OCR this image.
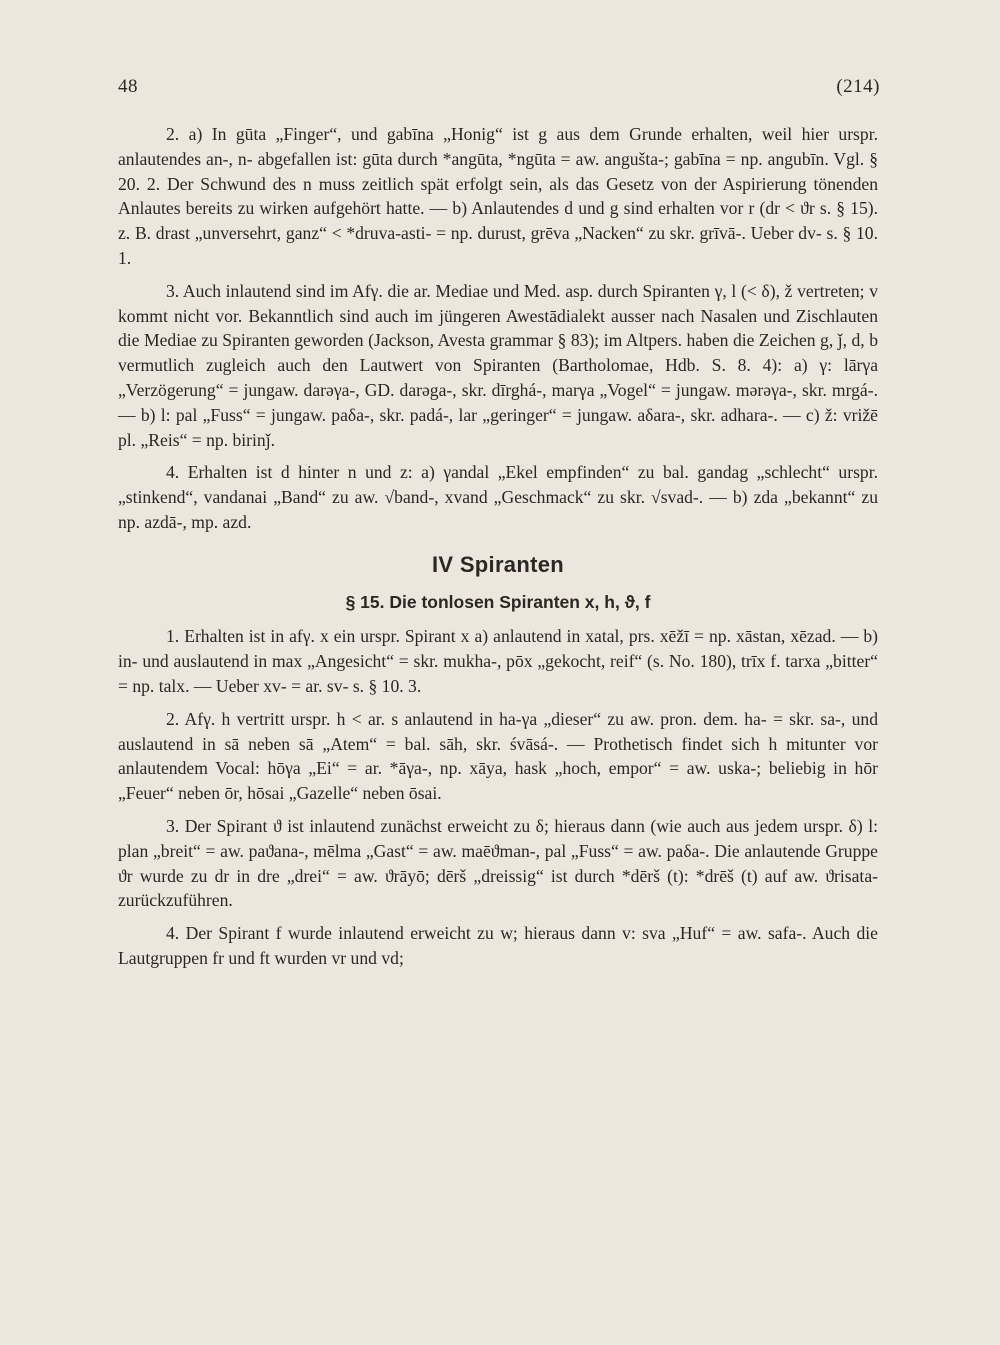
48	(214)

2. a) In gūta „Finger“, und gabīna „Honig“ ist g aus dem Grunde erhalten, weil hier urspr. anlautendes an-, n- abgefallen ist: gūta durch *angūta, *ngūta = aw. angušta-; gabīna = np. angubīn. Vgl. § 20. 2. Der Schwund des n muss zeitlich spät erfolgt sein, als das Gesetz von der Aspirierung tönenden Anlautes bereits zu wirken aufgehört hatte. — b) Anlautendes d und g sind erhalten vor r (dr < ϑr s. § 15). z. B. drast „unversehrt, ganz“ < *druva-asti- = np. durust, grēva „Nacken“ zu skr. grīvā-. Ueber dv- s. § 10. 1.

3. Auch inlautend sind im Afγ. die ar. Mediae und Med. asp. durch Spiranten γ, l (< δ), ž vertreten; v kommt nicht vor. Bekanntlich sind auch im jüngeren Awestādialekt ausser nach Nasalen und Zischlauten die Mediae zu Spiranten geworden (Jackson, Avesta grammar § 83); im Altpers. haben die Zeichen g, ǰ, d, b vermutlich zugleich auch den Lautwert von Spiranten (Bartholomae, Hdb. S. 8. 4): a) γ: lārγa „Verzögerung“ = jungaw. darəγa-, GD. darəga-, skr. dīrghá-, marγa „Vogel“ = jungaw. mərəγa-, skr. mrgá-. — b) l: pal „Fuss“ = jungaw. paδa-, skr. padá-, lar „geringer“ = jungaw. aδara-, skr. adhara-. — c) ž: vrižē pl. „Reis“ = np. birinǰ.

4. Erhalten ist d hinter n und z: a) γandal „Ekel empfinden“ zu bal. gandag „schlecht“ urspr. „stinkend“, vandanai „Band“ zu aw. √band-, xvand „Geschmack“ zu skr. √svad-. — b) zda „bekannt“ zu np. azdā-, mp. azd.

IV Spiranten
§ 15. Die tonlosen Spiranten x, h, ϑ, f

1. Erhalten ist in afγ. x ein urspr. Spirant x a) anlautend in xatal, prs. xēžī = np. xāstan, xēzad. — b) in- und auslautend in max „Angesicht“ = skr. mukha-, pōx „gekocht, reif“ (s. No. 180), trīx f. tarxa „bitter“ = np. talx. — Ueber xv- = ar. sv- s. § 10. 3.

2. Afγ. h vertritt urspr. h < ar. s anlautend in ha-γa „dieser“ zu aw. pron. dem. ha- = skr. sa-, und auslautend in sā neben sā „Atem“ = bal. sāh, skr. śvāsá-. — Prothetisch findet sich h mitunter vor anlautendem Vocal: hōγa „Ei“ = ar. *āγa-, np. xāya, hask „hoch, empor“ = aw. uska-; beliebig in hōr „Feuer“ neben ōr, hōsai „Gazelle“ neben ōsai.

3. Der Spirant ϑ ist inlautend zunächst erweicht zu δ; hieraus dann (wie auch aus jedem urspr. δ) l: plan „breit“ = aw. paϑana-, mēlma „Gast“ = aw. maēϑman-, pal „Fuss“ = aw. paδa-. Die anlautende Gruppe ϑr wurde zu dr in dre „drei“ = aw. ϑrāyō; dērš „dreissig“ ist durch *dērš (t): *drēš (t) auf aw. ϑrisata- zurückzuführen.

4. Der Spirant f wurde inlautend erweicht zu w; hieraus dann v: sva „Huf“ = aw. safa-. Auch die Lautgruppen fr und ft wurden vr und vd;
